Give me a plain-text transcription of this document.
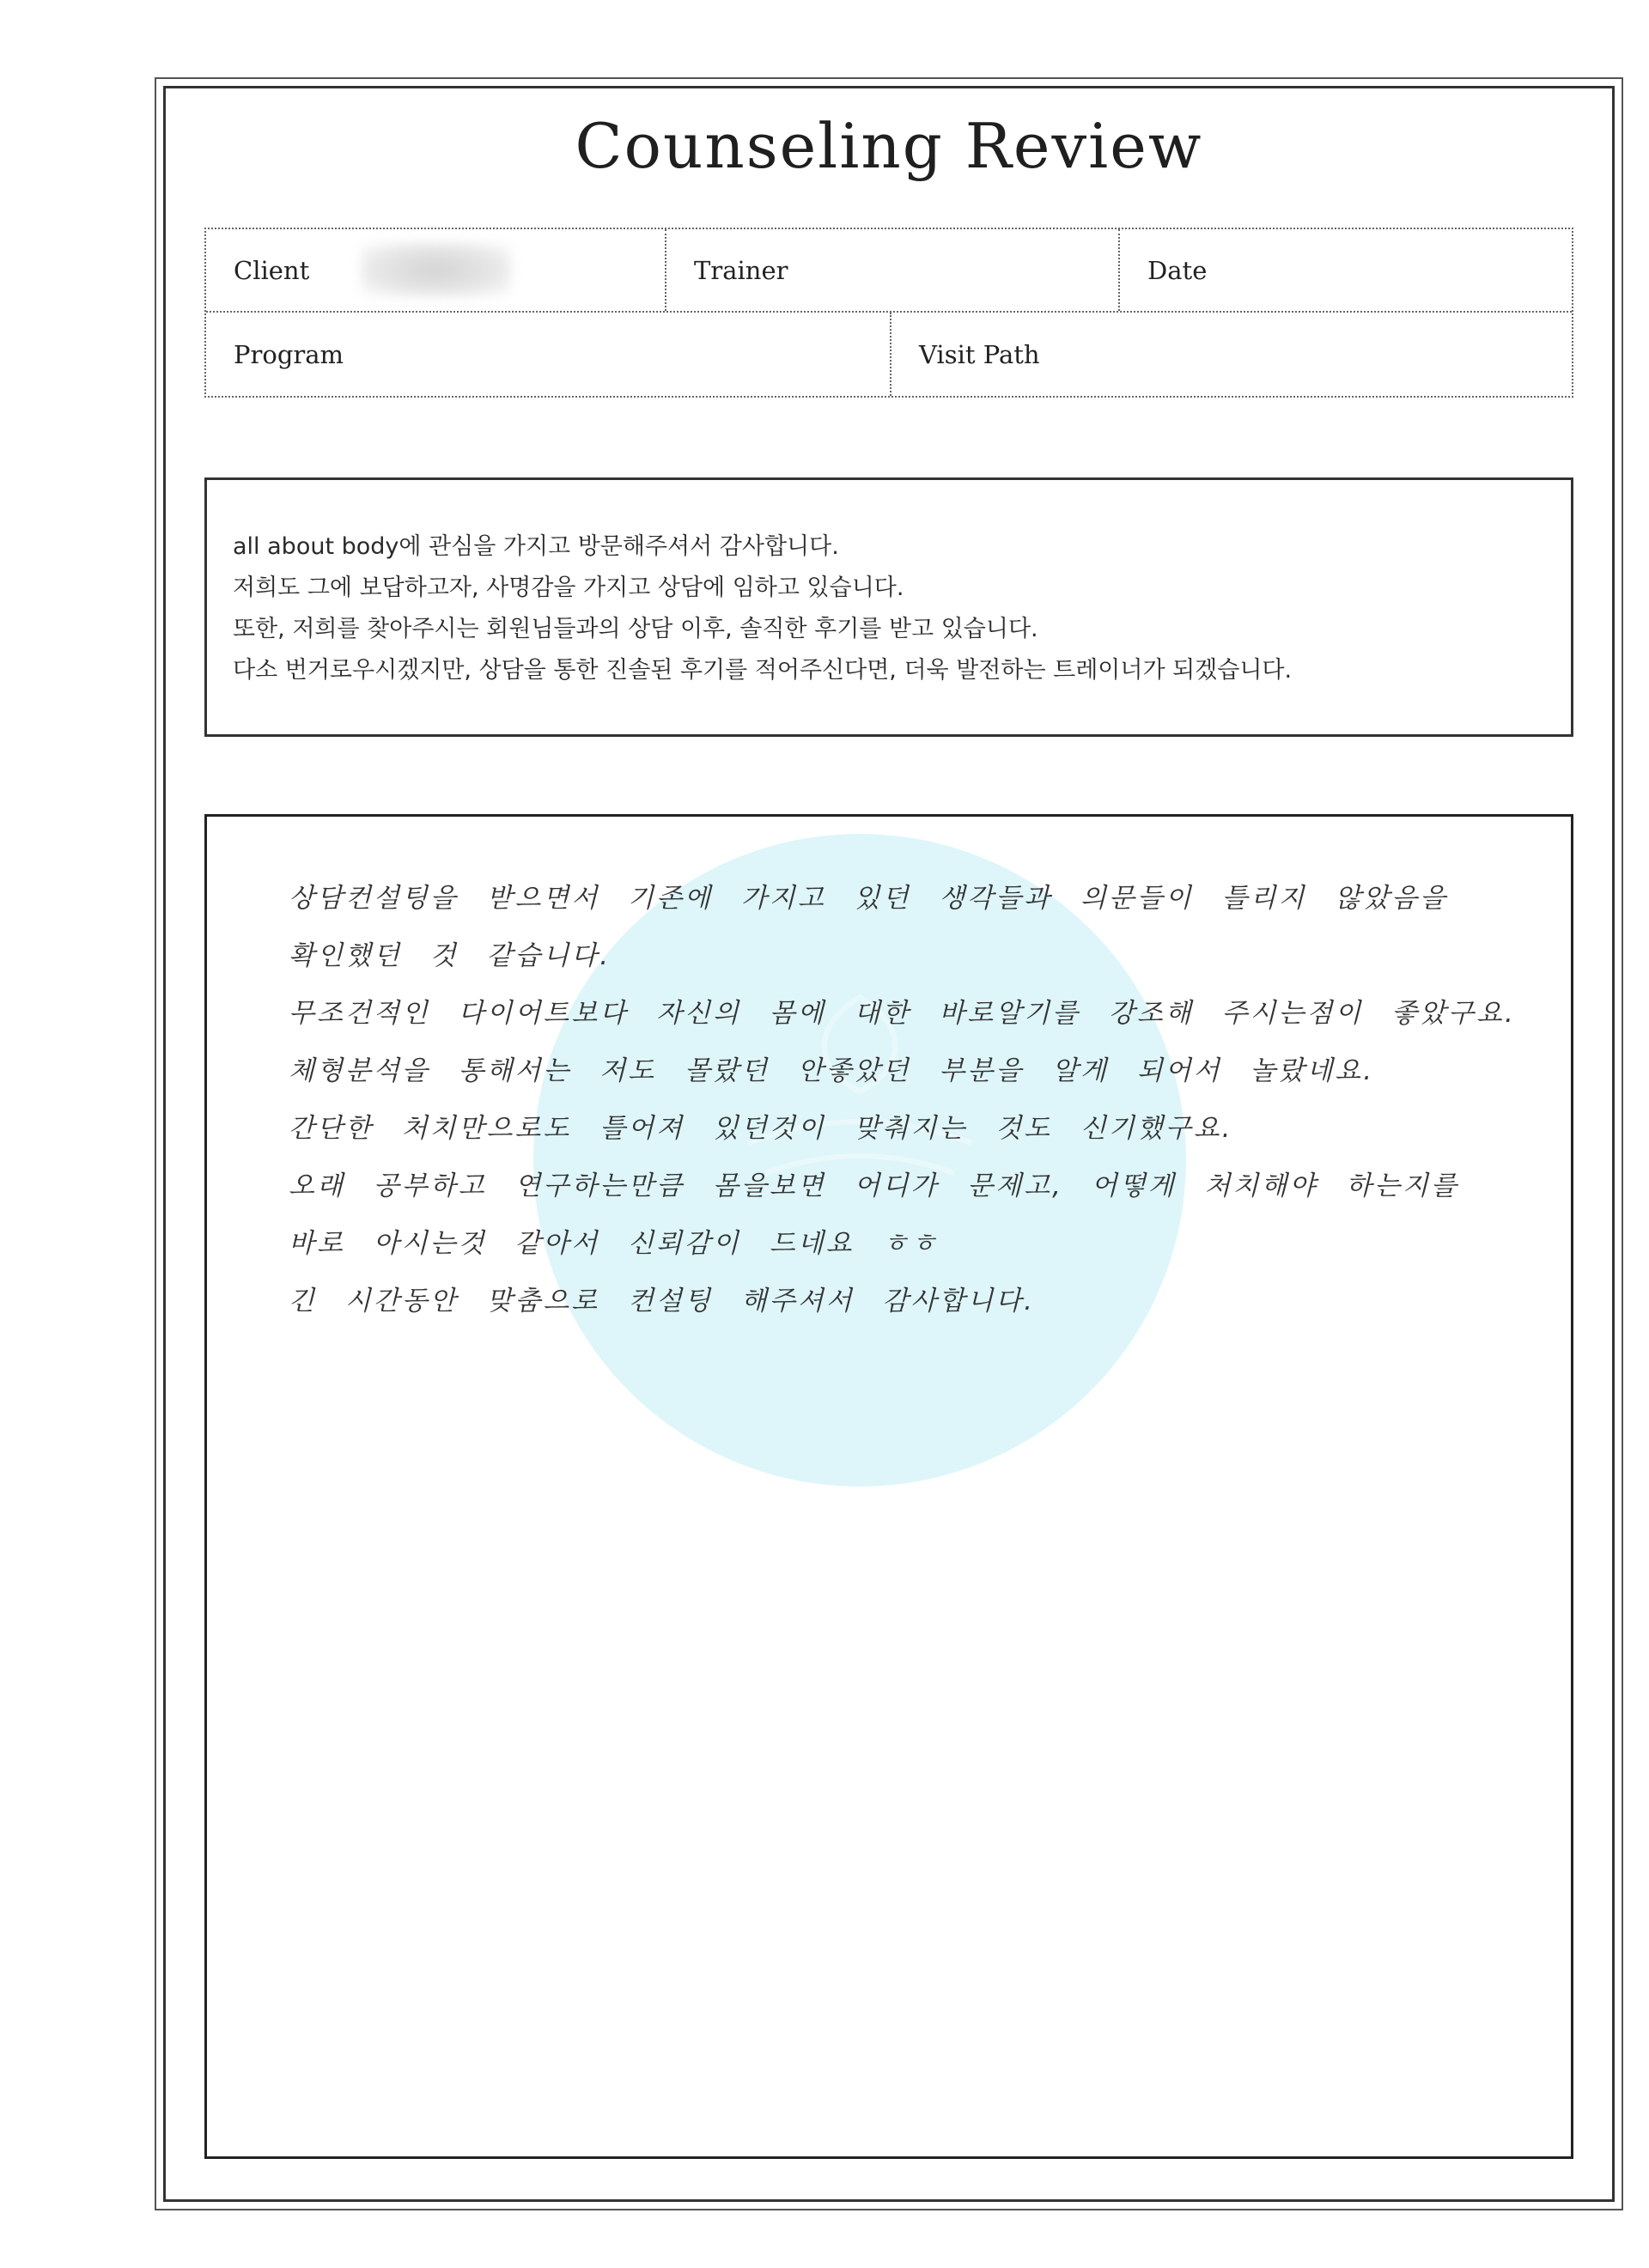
Counseling Review
Client	Trainer	Date
Program	Visit Path
all about body에 관심을 가지고 방문해주셔서 감사합니다.
저희도 그에 보답하고자, 사명감을 가지고 상담에 임하고 있습니다.
또한, 저희를 찾아주시는 회원님들과의 상담 이후, 솔직한 후기를 받고 있습니다.
다소 번거로우시겠지만, 상담을 통한 진솔된 후기를 적어주신다면, 더욱 발전하는 트레이너가 되겠습니다.
상담컨설팅을 받으면서 기존에 가지고 있던 생각들과 의문들이 틀리지 않았음을
확인했던 것 같습니다.
무조건적인 다이어트보다 자신의 몸에 대한 바로알기를 강조해 주시는점이 좋았구요.
체형분석을 통해서는 저도 몰랐던 안좋았던 부분을 알게 되어서 놀랐네요.
간단한 처치만으로도 틀어져 있던것이 맞춰지는 것도 신기했구요.
오래 공부하고 연구하는만큼 몸을보면 어디가 문제고, 어떻게 처치해야 하는지를
바로 아시는것 같아서 신뢰감이 드네요 ㅎㅎ
긴 시간동안 맞춤으로 컨설팅 해주셔서 감사합니다.
